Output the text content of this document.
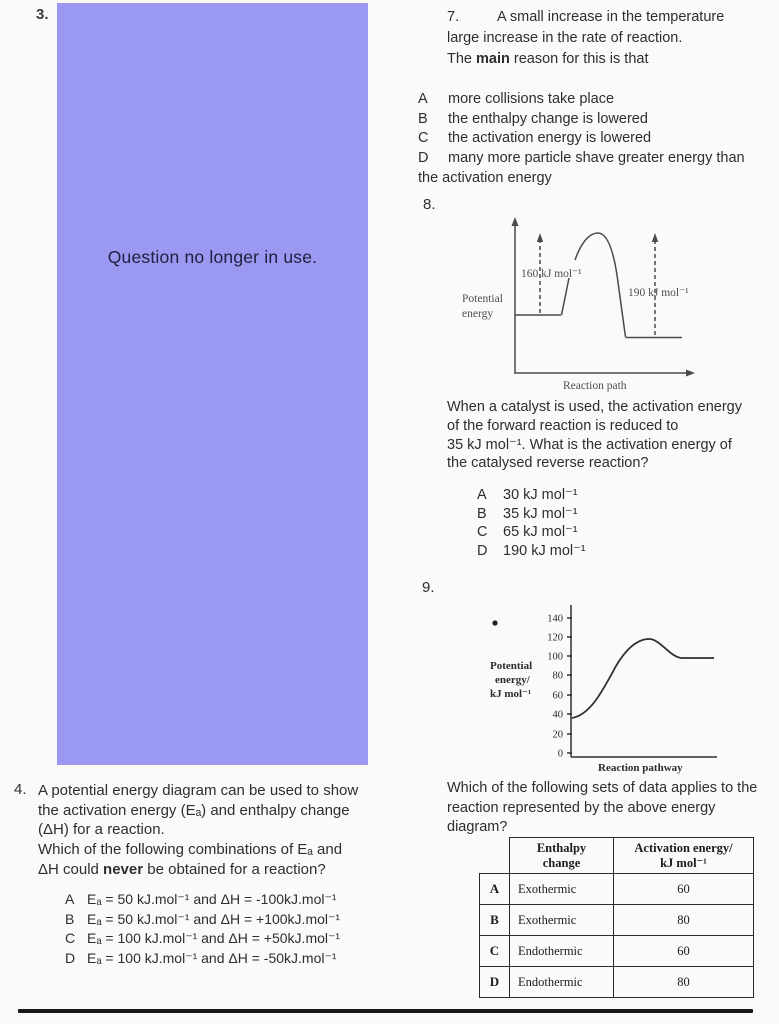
3.
Question no longer in use.
7.	A small increase in the temperature
large increase in the rate of reaction.
The main reason for this is that
A	more collisions take place
B	the enthalpy change is lowered
C	the activation energy is lowered
D	many more particle shave greater energy than
the activation energy
8.
160 kJ mol⁻¹
190 kJ mol⁻¹
Potential
energy
Reaction path
When a catalyst is used, the activation energy
of the forward reaction is reduced to
35 kJ mol⁻¹. What is the activation energy of
the catalysed reverse reaction?
A	30 kJ mol⁻¹
B	35 kJ mol⁻¹
C	65 kJ mol⁻¹
D	190 kJ mol⁻¹
9.
140
120
100
80
60
40
20
0
Potential
energy/
kJ mol⁻¹
Reaction pathway
Which of the following sets of data applies to the
reaction represented by the above energy
diagram?

Enthalpy
change

Activation energy/
kJ mol⁻¹

A	Exothermic	60
B	Exothermic	80
C	Endothermic	60
D	Endothermic	80
4. A potential energy diagram can be used to show
the activation energy (Eₐ) and enthalpy change
(ΔH) for a reaction.
Which of the following combinations of Eₐ and
ΔH could never be obtained for a reaction?
A Eₐ = 50 kJ.mol⁻¹ and ΔH = -100kJ.mol⁻¹
B Eₐ = 50 kJ.mol⁻¹ and ΔH = +100kJ.mol⁻¹
C Eₐ = 100 kJ.mol⁻¹ and ΔH = +50kJ.mol⁻¹
D Eₐ = 100 kJ.mol⁻¹ and ΔH = -50kJ.mol⁻¹
